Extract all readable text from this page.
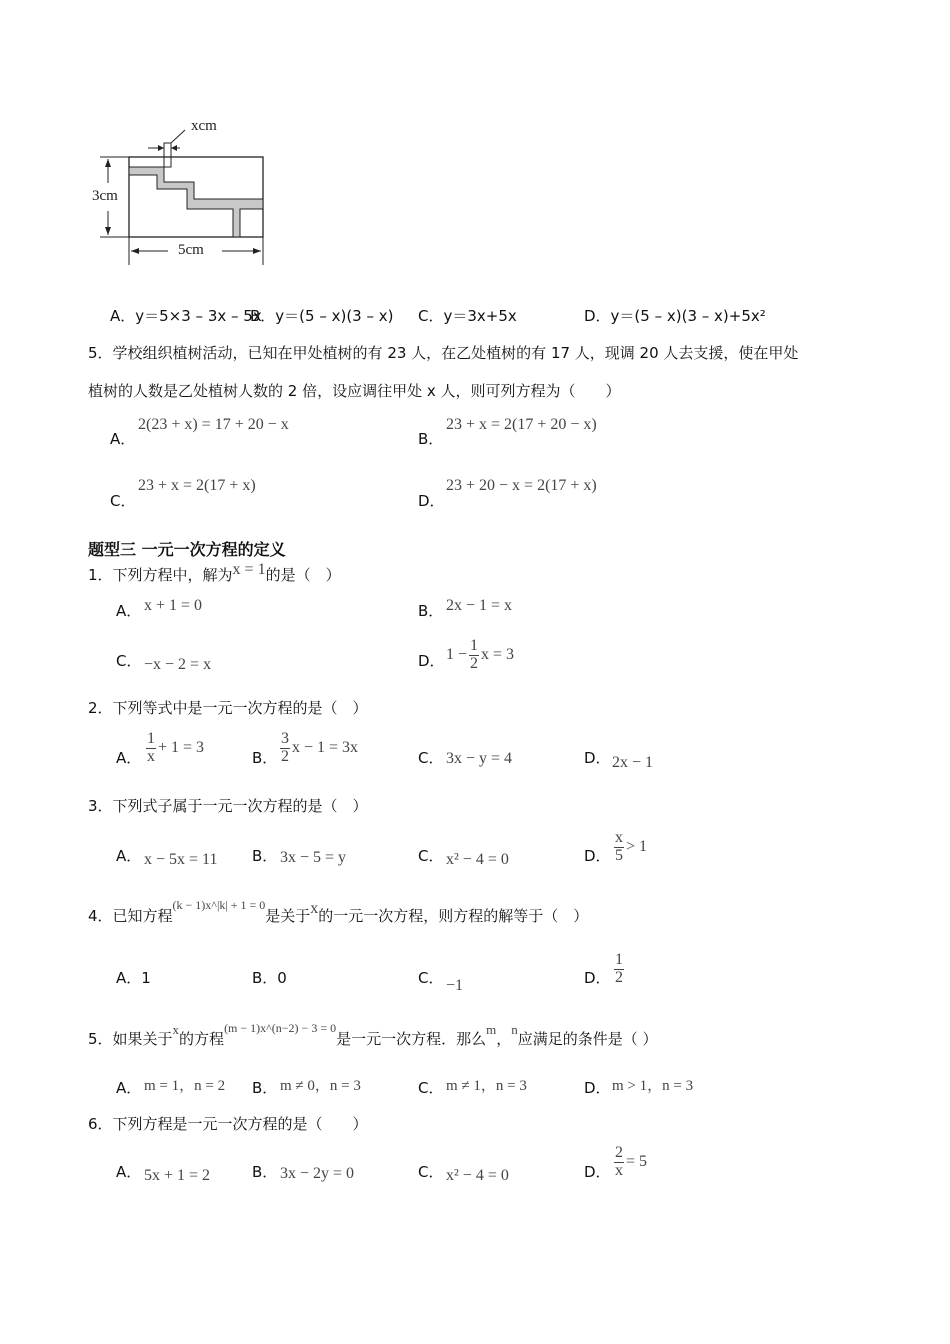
xcm
3cm
5cm
A．y＝5×3 – 3x – 5x
B．y＝(5 – x)(3 – x) C．y＝3x+5x	D．y＝(5 – x)(3 – x)+5x²
5．学校组织植树活动，已知在甲处植树的有 23 人，在乙处植树的有 17 人，现调 20 人去支援，使在甲处
植树的人数是乙处植树人数的 2 倍，设应调往甲处 x 人，则可列方程为（　　）
A．
2(23 + x) = 17 + 20 − x
B．
23 + x = 2(17 + 20 − x)
C．
23 + x = 2(17 + x)
D．
23 + 20 − x = 2(17 + x)
题型三 一元一次方程的定义
1．下列方程中，解为x = 1的是（　）
A． x + 1 = 0	B． 2x − 1 = x
C． −x − 2 = x	D． $1 - \frac{1}{2}$ x = 3
2．下列等式中是一元一次方程的是（　）
A． $\frac{1}{x} + 1 = 3$
B． $\frac{3}{2}$ x − 1 = 3x
C． 3x − y = 4	D． 2x − 1
3．下列式子属于一元一次方程的是（　）
A． x − 5x = 11 B． 3x − 5 = y	C． x² − 4 = 0	D． $\frac{x}{5} > 1$
4．已知方程$^{(k - 1)x\^{}|k| + 1 = 0}$是关于x的一元一次方程，则方程的解等于（　）
A．1	B．0	C． −1	D． $\frac{1}{2}$
5．如果关于x的方程$^{(m - 1)x\^{}(n-2) - 3 = 0}$是一元一次方程．那么m，n应满足的条件是（ ）
A． m = 1，n = 2 B． m ≠ 0，n = 3	C． m ≠ 1，n = 3	D． m > 1，n = 3
6．下列方程是一元一次方程的是（　　）
A． 5x + 1 = 2	B． 3x − 2y = 0	C． x² − 4 = 0	D． $\frac{2}{x} = 5$
